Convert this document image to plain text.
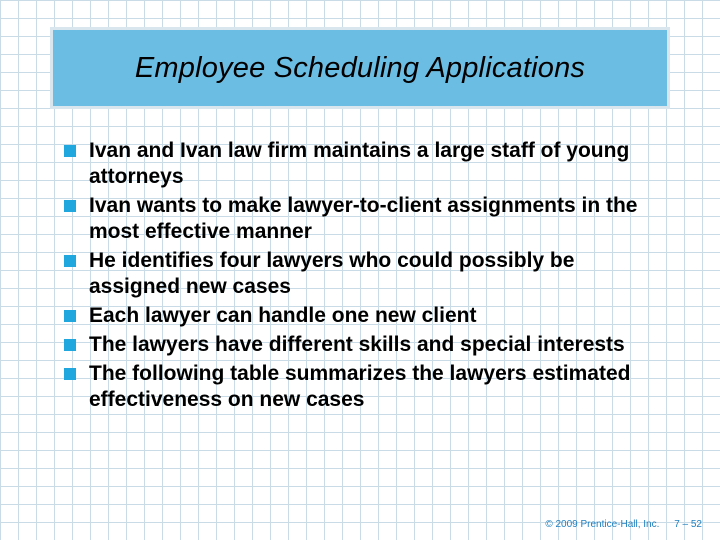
Employee Scheduling Applications
Ivan and Ivan law firm maintains a large staff of young attorneys
Ivan wants to make lawyer-to-client assignments in the most effective manner
He identifies four lawyers who could possibly be assigned new cases
Each lawyer can handle one new client
The lawyers have different skills and special interests
The following table summarizes the lawyers estimated effectiveness on new cases
© 2009 Prentice-Hall, Inc. 7 – 52
